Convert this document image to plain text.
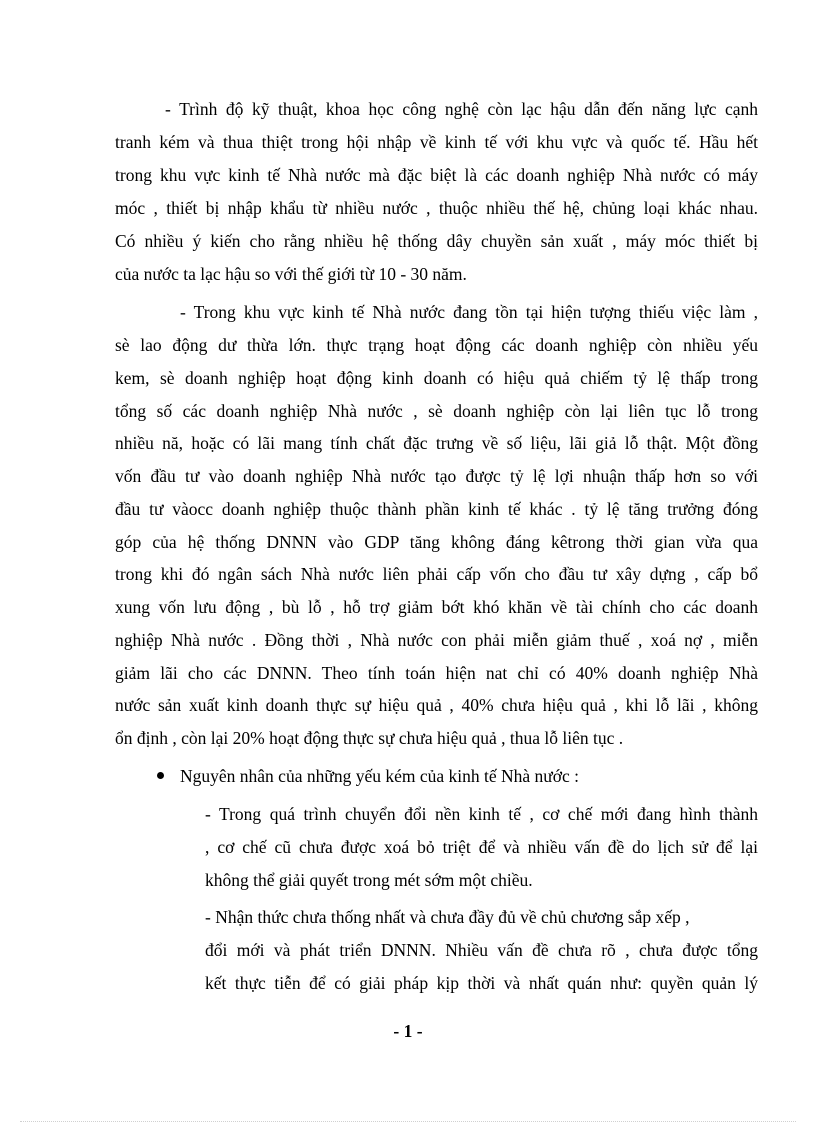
- Trình độ kỹ thuật, khoa học công nghệ còn lạc hậu dẫn đến năng lực cạnh
tranh kém và thua thiệt trong hội nhập về kinh tế với khu vực và quốc tế. Hầu hết
trong khu vực kinh tế Nhà nước mà đặc biệt là các doanh nghiệp Nhà nước có máy
móc , thiết bị nhập khẩu từ nhiều nước , thuộc nhiều thế hệ, chủng loại khác nhau.
Có nhiều ý kiến cho rằng nhiều hệ thống dây chuyền sản xuất , máy móc thiết bị
của nước ta lạc hậu so với thế giới từ 10 - 30 năm.
- Trong khu vực kinh tế Nhà nước đang tồn tại hiện tượng thiếu việc làm ,
sè lao động dư thừa lớn. thực trạng hoạt động các doanh nghiệp còn nhiều yếu
kem, sè doanh nghiệp hoạt động kinh doanh có hiệu quả chiếm tỷ lệ thấp trong
tổng số các doanh nghiệp Nhà nước , sè doanh nghiệp còn lại liên tục lỗ trong
nhiều nă, hoặc có lãi mang tính chất đặc trưng về số liệu, lãi giả lỗ thật. Một đồng
vốn đầu tư vào doanh nghiệp Nhà nước tạo được tỷ lệ lợi nhuận thấp hơn so với
đầu tư vàocc doanh nghiệp thuộc thành phần kinh tế khác . tỷ lệ tăng trưởng đóng
góp của hệ thống DNNN vào GDP tăng không đáng kêtrong thời gian vừa qua
trong khi đó ngân sách Nhà nước liên phải cấp vốn cho đầu tư xây dựng , cấp bổ
xung vốn lưu động , bù lỗ , hỗ trợ giảm bớt khó khăn về tài chính cho các doanh
nghiệp Nhà nước . Đồng thời , Nhà nước con phải miễn giảm thuế , xoá nợ , miễn
giảm lãi cho các DNNN. Theo tính toán hiện nat chỉ có 40% doanh nghiệp Nhà
nước sản xuất kinh doanh thực sự hiệu quả , 40% chưa hiệu quả , khi lỗ lãi , không
ổn định , còn lại 20% hoạt động thực sự chưa hiệu quả , thua lỗ liên tục .
Nguyên nhân của những yếu kém của kinh tế Nhà nước :
- Trong quá trình chuyển đổi nền kinh tế , cơ chế mới đang hình thành
, cơ chế cũ chưa được xoá bỏ triệt để và nhiều vấn đề do lịch sử để lại
không thể giải quyết trong mét sớm một chiều.
- Nhận thức chưa thống nhất và chưa đầy đủ về chủ chương sắp xếp ,
đổi mới và phát triển DNNN. Nhiều vấn đề chưa rõ , chưa được tổng
kết thực tiễn để có giải pháp kịp thời và nhất quán như: quyền quản lý
- 1 -
